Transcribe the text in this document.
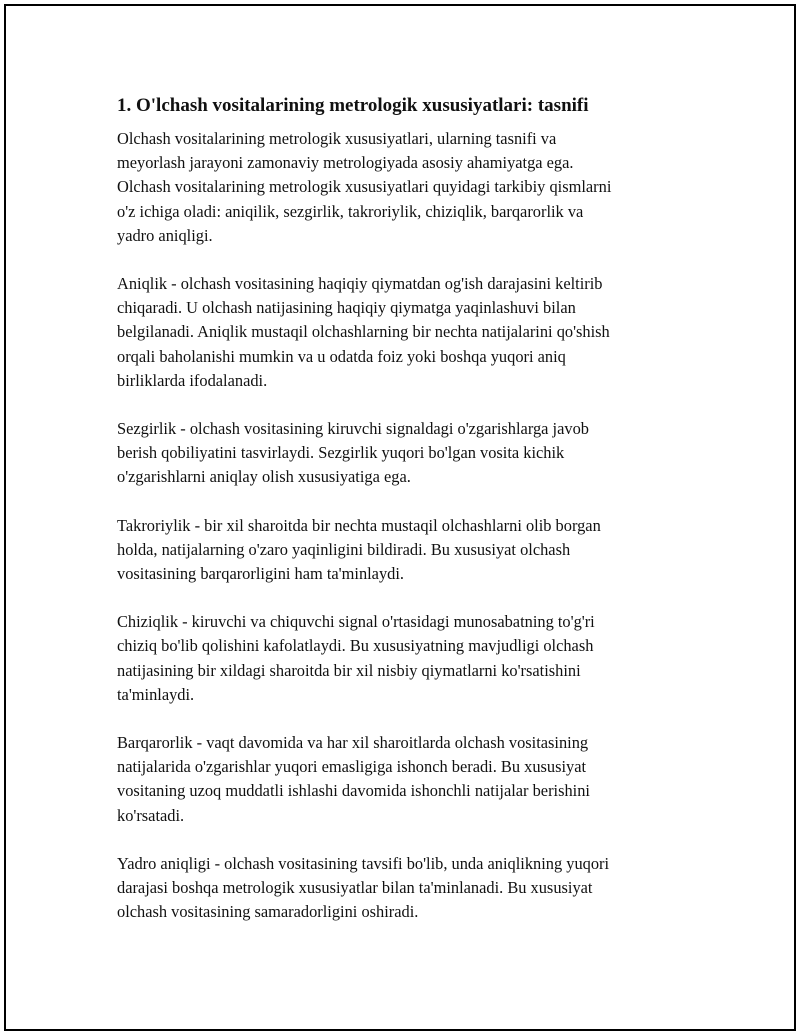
1. O'lchash vositalarining metrologik xususiyatlari: tasnifi

Olchash vositalarining metrologik xususiyatlari, ularning tasnifi va
meyorlash jarayoni zamonaviy metrologiyada asosiy ahamiyatga ega.
Olchash vositalarining metrologik xususiyatlari quyidagi tarkibiy qismlarni
o'z ichiga oladi: aniqilik, sezgirlik, takroriylik, chiziqlik, barqarorlik va
yadro aniqligi.

Aniqlik - olchash vositasining haqiqiy qiymatdan og'ish darajasini keltirib
chiqaradi. U olchash natijasining haqiqiy qiymatga yaqinlashuvi bilan
belgilanadi. Aniqlik mustaqil olchashlarning bir nechta natijalarini qo'shish
orqali baholanishi mumkin va u odatda foiz yoki boshqa yuqori aniq
birliklarda ifodalanadi.

Sezgirlik - olchash vositasining kiruvchi signaldagi o'zgarishlarga javob
berish qobiliyatini tasvirlaydi. Sezgirlik yuqori bo'lgan vosita kichik
o'zgarishlarni aniqlay olish xususiyatiga ega.

Takroriylik - bir xil sharoitda bir nechta mustaqil olchashlarni olib borgan
holda, natijalarning o'zaro yaqinligini bildiradi. Bu xususiyat olchash
vositasining barqarorligini ham ta'minlaydi.

Chiziqlik - kiruvchi va chiquvchi signal o'rtasidagi munosabatning to'g'ri
chiziq bo'lib qolishini kafolatlaydi. Bu xususiyatning mavjudligi olchash
natijasining bir xildagi sharoitda bir xil nisbiy qiymatlarni ko'rsatishini
ta'minlaydi.

Barqarorlik - vaqt davomida va har xil sharoitlarda olchash vositasining
natijalarida o'zgarishlar yuqori emasligiga ishonch beradi. Bu xususiyat
vositaning uzoq muddatli ishlashi davomida ishonchli natijalar berishini
ko'rsatadi.

Yadro aniqligi - olchash vositasining tavsifi bo'lib, unda aniqlikning yuqori
darajasi boshqa metrologik xususiyatlar bilan ta'minlanadi. Bu xususiyat
olchash vositasining samaradorligini oshiradi.
